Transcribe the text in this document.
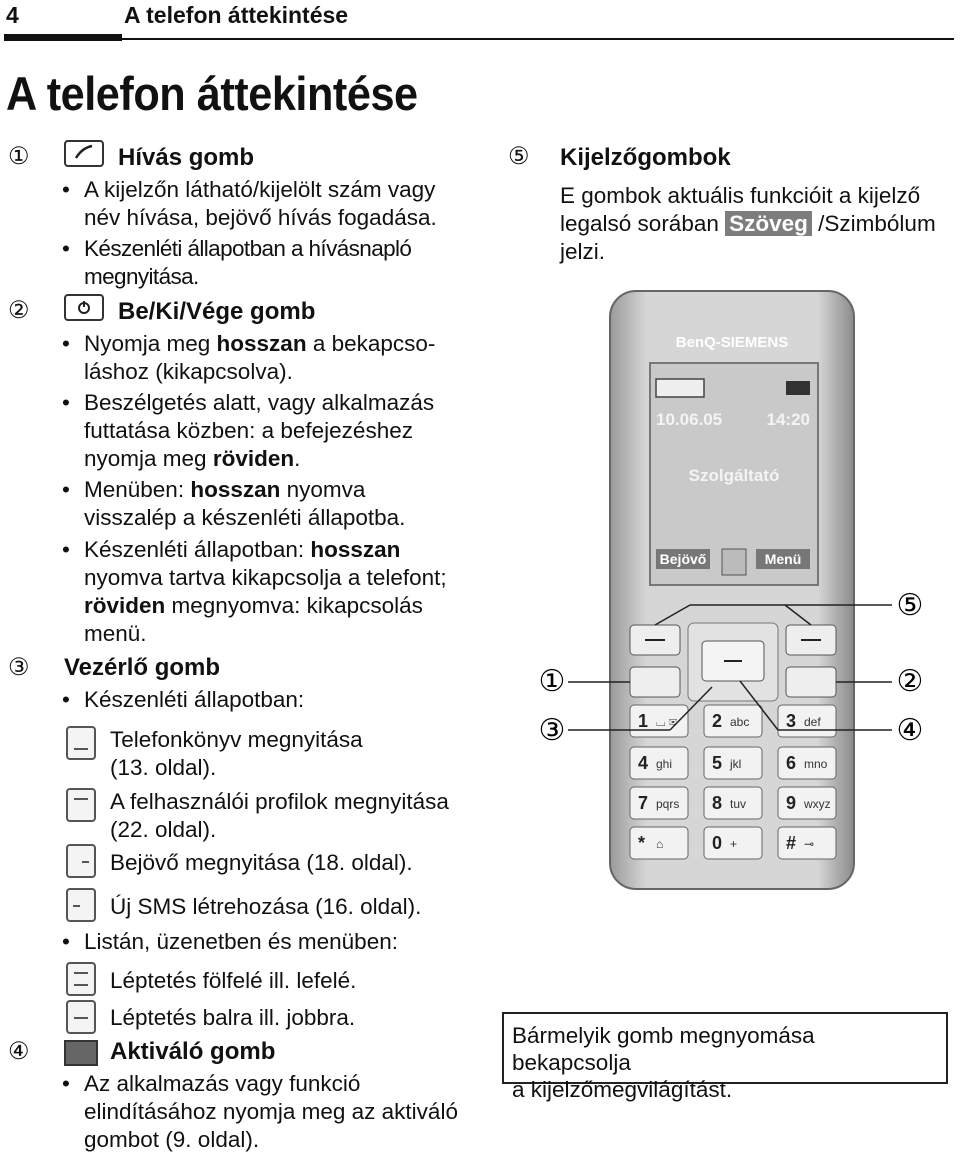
4	A telefon áttekintése
A telefon áttekintése
①	Hívás gomb
• A kijelzőn látható/kijelölt szám vagy
név hívása, bejövő hívás fogadása.
• Készenléti állapotban a hívásnapló
megnyitása.
②	Be/Ki/Vége gomb
• Nyomja meg hosszan a bekapcso-
láshoz (kikapcsolva).
• Beszélgetés alatt, vagy alkalmazás
futtatása közben: a befejezéshez
nyomja meg röviden.
• Menüben: hosszan nyomva
visszalép a készenléti állapotba.
• Készenléti állapotban: hosszan
nyomva tartva kikapcsolja a telefont;
röviden megnyomva: kikapcsolás
menü.
③ Vezérlő gomb
• Készenléti állapotban:
Telefonkönyv megnyitása
(13. oldal).
A felhasználói profilok megnyitása
(22. oldal).
Bejövő megnyitása (18. oldal).
Új SMS létrehozása (16. oldal).
• Listán, üzenetben és menüben:
Léptetés fölfelé ill. lefelé.
Léptetés balra ill. jobbra.
④	Aktiváló gomb
• Az alkalmazás vagy funkció
elindításához nyomja meg az aktiváló
gombot (9. oldal).
⑤ Kijelzőgombok
E gombok aktuális funkcióit a kijelző
legalsó sorában Szöveg /Szimbólum
jelzi.
BenQ-SIEMENS
10.06.05	14:20
Szolgáltató
Bejövő	Menü
1 ⌴ ✉ 2 abc 3 def
4 ghi 5 jkl 6 mno
7 pqrs 8 tuv 9 wxyz
* ⌂	0 +	# ⊸
①	②
③	④
⑤
Bármelyik gomb megnyomása bekapcsolja
a kijelzőmegvilágítást.
